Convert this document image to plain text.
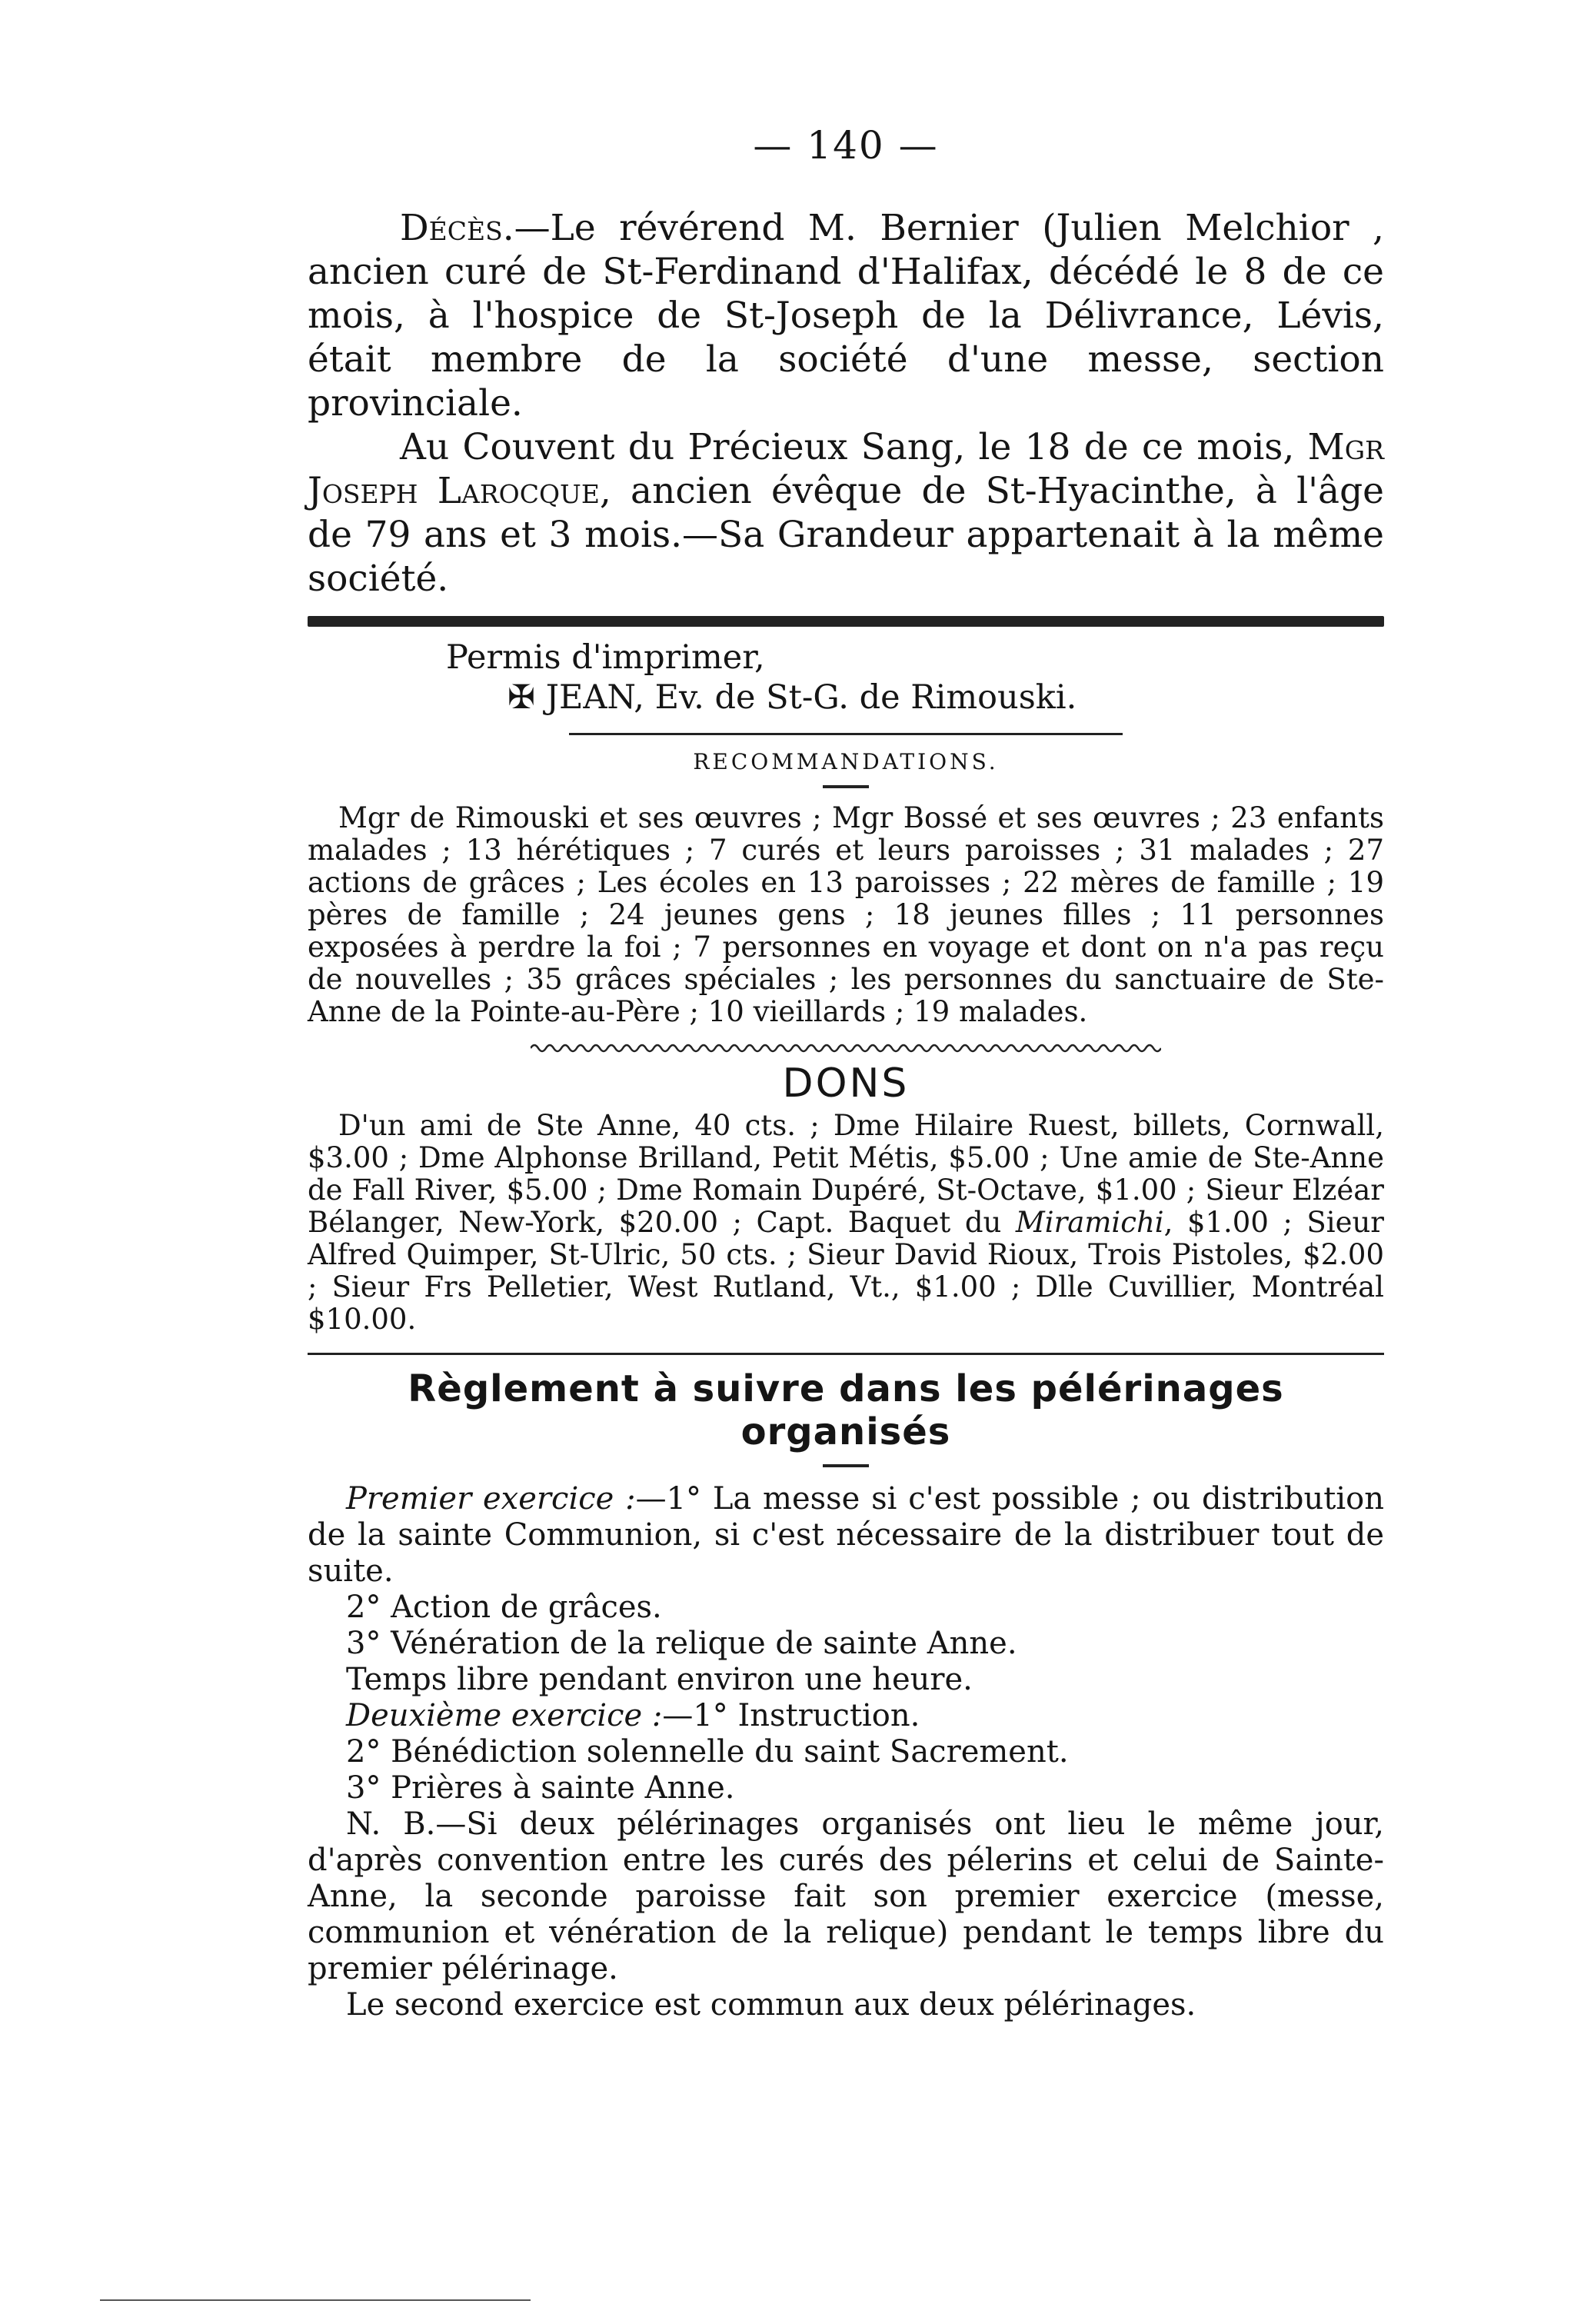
— 140 —

Décès.—Le révérend M. Bernier (Julien Melchior , ancien curé de St-Ferdinand d'Halifax, décédé le 8 de ce mois, à l'hospice de St-Joseph de la Délivrance, Lévis, était membre de la société d'une messe, section provinciale.

Au Couvent du Précieux Sang, le 18 de ce mois, Mgr Joseph Larocque, ancien évêque de St-Hyacinthe, à l'âge de 79 ans et 3 mois.—Sa Grandeur appartenait à la même société.

Permis d'imprimer,
✠ JEAN, Ev. de St-G. de Rimouski.
RECOMMANDATIONS.

Mgr de Rimouski et ses œuvres ; Mgr Bossé et ses œuvres ; 23 enfants malades ; 13 hérétiques ; 7 curés et leurs paroisses ; 31 malades ; 27 actions de grâces ; Les écoles en 13 paroisses ; 22 mères de famille ; 19 pères de famille ; 24 jeunes gens ; 18 jeunes filles ; 11 personnes exposées à perdre la foi ; 7 personnes en voyage et dont on n'a pas reçu de nouvelles ; 35 grâces spéciales ; les personnes du sanctuaire de Ste-Anne de la Pointe-au-Père ; 10 vieillards ; 19 malades.

DONS

D'un ami de Ste Anne, 40 cts. ; Dme Hilaire Ruest, billets, Cornwall, $3.00 ; Dme Alphonse Brilland, Petit Métis, $5.00 ; Une amie de Ste-Anne de Fall River, $5.00 ; Dme Romain Dupéré, St-Octave, $1.00 ; Sieur Elzéar Bélanger, New-York, $20.00 ; Capt. Baquet du Miramichi, $1.00 ; Sieur Alfred Quimper, St-Ulric, 50 cts. ; Sieur David Rioux, Trois Pistoles, $2.00 ; Sieur Frs Pelletier, West Rutland, Vt., $1.00 ; Dlle Cuvillier, Montréal $10.00.

Règlement à suivre dans les pélérinages organisés

Premier exercice :—1° La messe si c'est possible ; ou distribution de la sainte Communion, si c'est nécessaire de la distribuer tout de suite.

2° Action de grâces.

3° Vénération de la relique de sainte Anne.

Temps libre pendant environ une heure.

Deuxième exercice :—1° Instruction.

2° Bénédiction solennelle du saint Sacrement.

3° Prières à sainte Anne.

N. B.—Si deux pélérinages organisés ont lieu le même jour, d'après convention entre les curés des pélerins et celui de Sainte-Anne, la seconde paroisse fait son premier exercice (messe, communion et vénération de la relique) pendant le temps libre du premier pélérinage.

Le second exercice est commun aux deux pélérinages.
